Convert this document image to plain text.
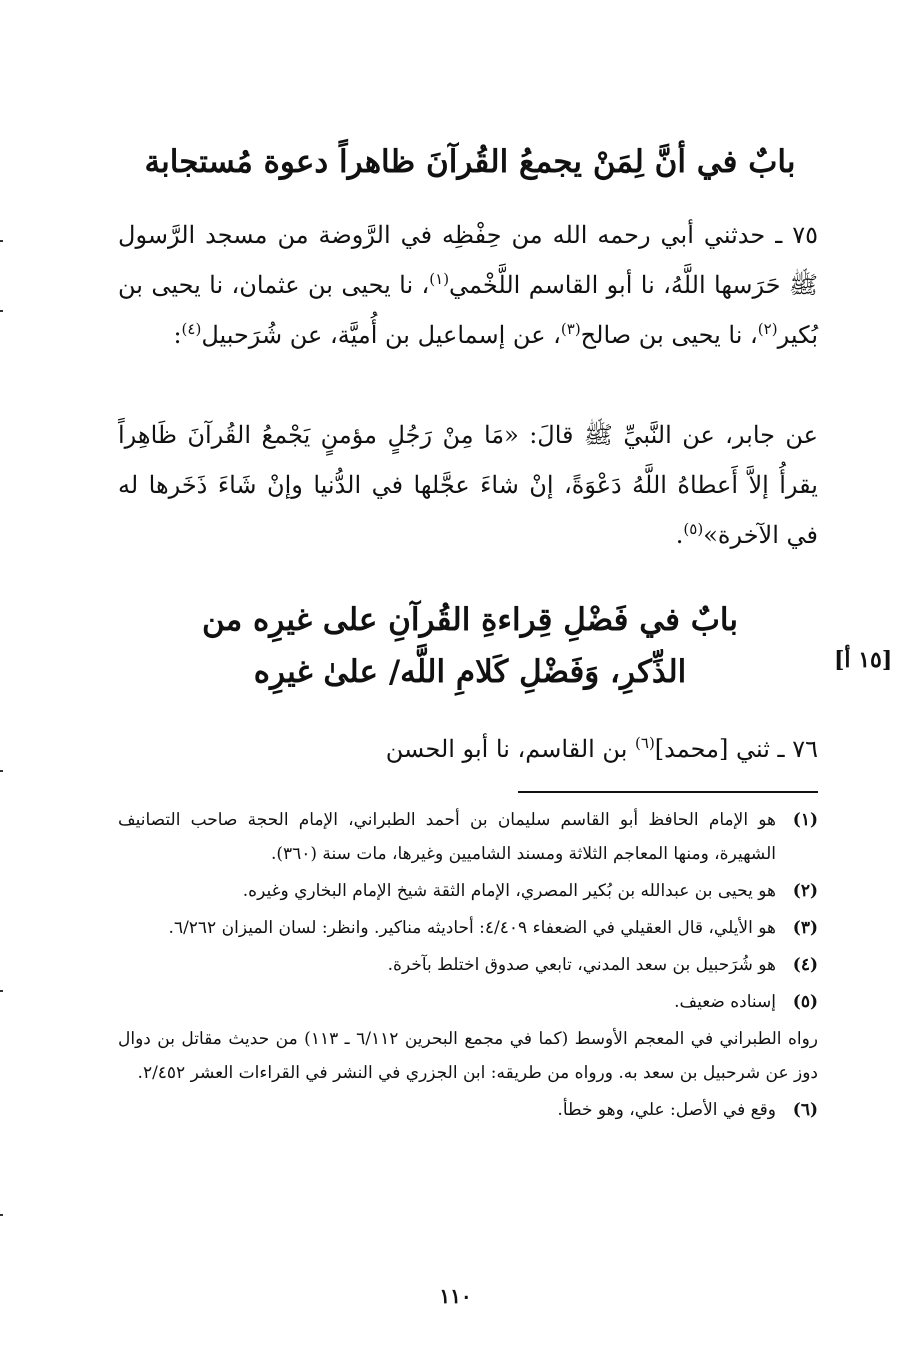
بابٌ في أنَّ لِمَنْ يجمعُ القُرآنَ ظاهراً دعوة مُستجابة

٧٥ ـ حدثني أبي رحمه الله من حِفْظِه في الرَّوضة من مسجد الرَّسول ﷺ حَرَسها اللَّهُ، نا أبو القاسم اللَّخْمي$^{(١)}$، نا يحيى بن عثمان، نا يحيى بن بُكير$^{(٢)}$، نا يحيى بن صالح$^{(٣)}$، عن إسماعيل بن أُميَّة، عن شُرَحبيل$^{(٤)}$:

عن جابر، عن النَّبيِّ ﷺ قالَ: «مَا مِنْ رَجُلٍ مؤمنٍ يَجْمعُ القُرآنَ ظَاهِراً يقرأُ إلاَّ أَعطاهُ اللَّهُ دَعْوَةً، إنْ شاءَ عجَّلها في الدُّنيا وإنْ شَاءَ ذَخَرها له في الآخرة»$^{(٥)}$.

بابٌ في فَضْلِ قِراءةِ القُرآنِ على غيرِه من
الذِّكرِ، وَفَضْلِ كَلامِ اللَّه/ علىٰ غيرِه	[١٥ أ]

٧٦ ـ ثني [محمد]$^{(٦)}$ بن القاسم، نا أبو الحسن

(١)
هو الإمام الحافظ أبو القاسم سليمان بن أحمد الطبراني، الإمام الحجة صاحب التصانيف الشهيرة، ومنها المعاجم الثلاثة ومسند الشاميين وغيرها، مات سنة (٣٦٠).
(٢)
هو يحيى بن عبدالله بن بُكير المصري، الإمام الثقة شيخ الإمام البخاري وغيره.
(٣)
هو الأيلي، قال العقيلي في الضعفاء ٤/٤٠٩: أحاديثه مناكير. وانظر: لسان الميزان ٦/٢٦٢.
(٤)
هو شُرَحبيل بن سعد المدني، تابعي صدوق اختلط بآخرة.
(٥)
إسناده ضعيف.
رواه الطبراني في المعجم الأوسط (كما في مجمع البحرين ٦/١١٢ ـ ١١٣) من حديث مقاتل بن دوال دوز عن شرحبيل بن سعد به. ورواه من طريقه: ابن الجزري في النشر في القراءات العشر ٢/٤٥٢.
(٦)
وقع في الأصل: علي، وهو خطأ.
١١٠
